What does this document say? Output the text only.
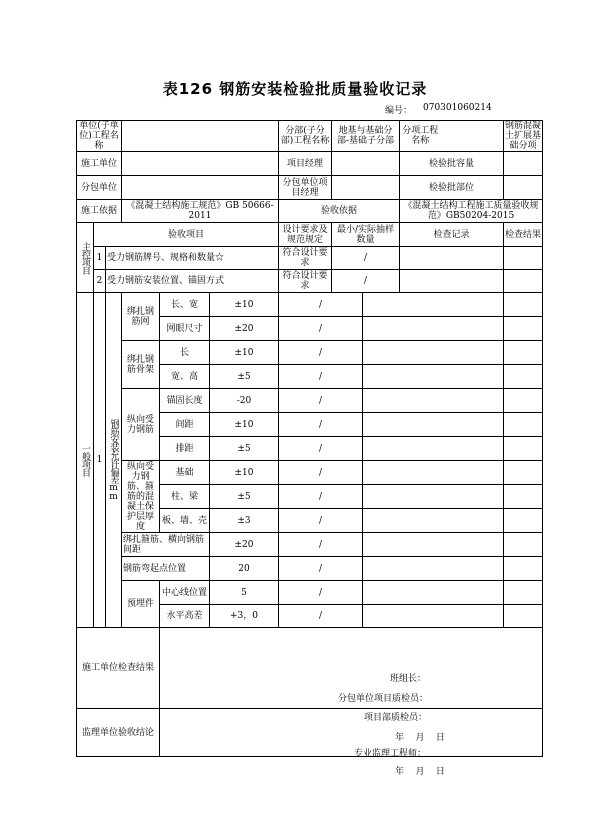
表126 钢筋安装检验批质量验收记录
编号： 070301060214
单位(子单位)工程名称						分部(子分部)工程名称	地基与基础分部-基础子分部		分项工程名称		钢筋混凝土扩展基础分项
施工单位						项目经理			检验批容量		
分包单位						分包单位项目经理			检验批部位		
施工依据			《混凝土结构施工规范》GB 50666-2011			验收依据			《混凝土结构工程施工质量验收规范》GB50204-2015		

主控项目	验收项目					设计要求及规范规定	最小/实际抽样数量		检查记录		检查结果
	1	受力钢筋牌号、规格和数量☆				符合设计要求	/				
	2	受力钢筋安装位置、锚固方式				符合设计要求	/				

一般项目	1	钢筋安装允许偏差mm	绑扎钢筋网	长、宽	±10	/					
				网眼尺寸	±20	/					
			绑扎钢筋骨架	长	±10	/					
				宽、高	±5	/					
			纵向受力钢筋	锚固长度	-20	/					
				间距	±10	/					
				排距	±5	/					
			纵向受力钢筋、箍筋的混凝土保护层厚度	基础	±10	/					
				柱、梁	±5	/					
				板、墙、壳	±3	/					
			绑扎箍筋、横向钢筋间距		±20	/					
			钢筋弯起点位置		20	/					
			预埋件	中心线位置	5	/					
				水平高差	+3，0	/					
施工单位检查结果				班组长：
分包单位项目质检员：
项目部质检员：
年    月    日							

监理单位验收结论				专业监理工程师：
年    月    日							
